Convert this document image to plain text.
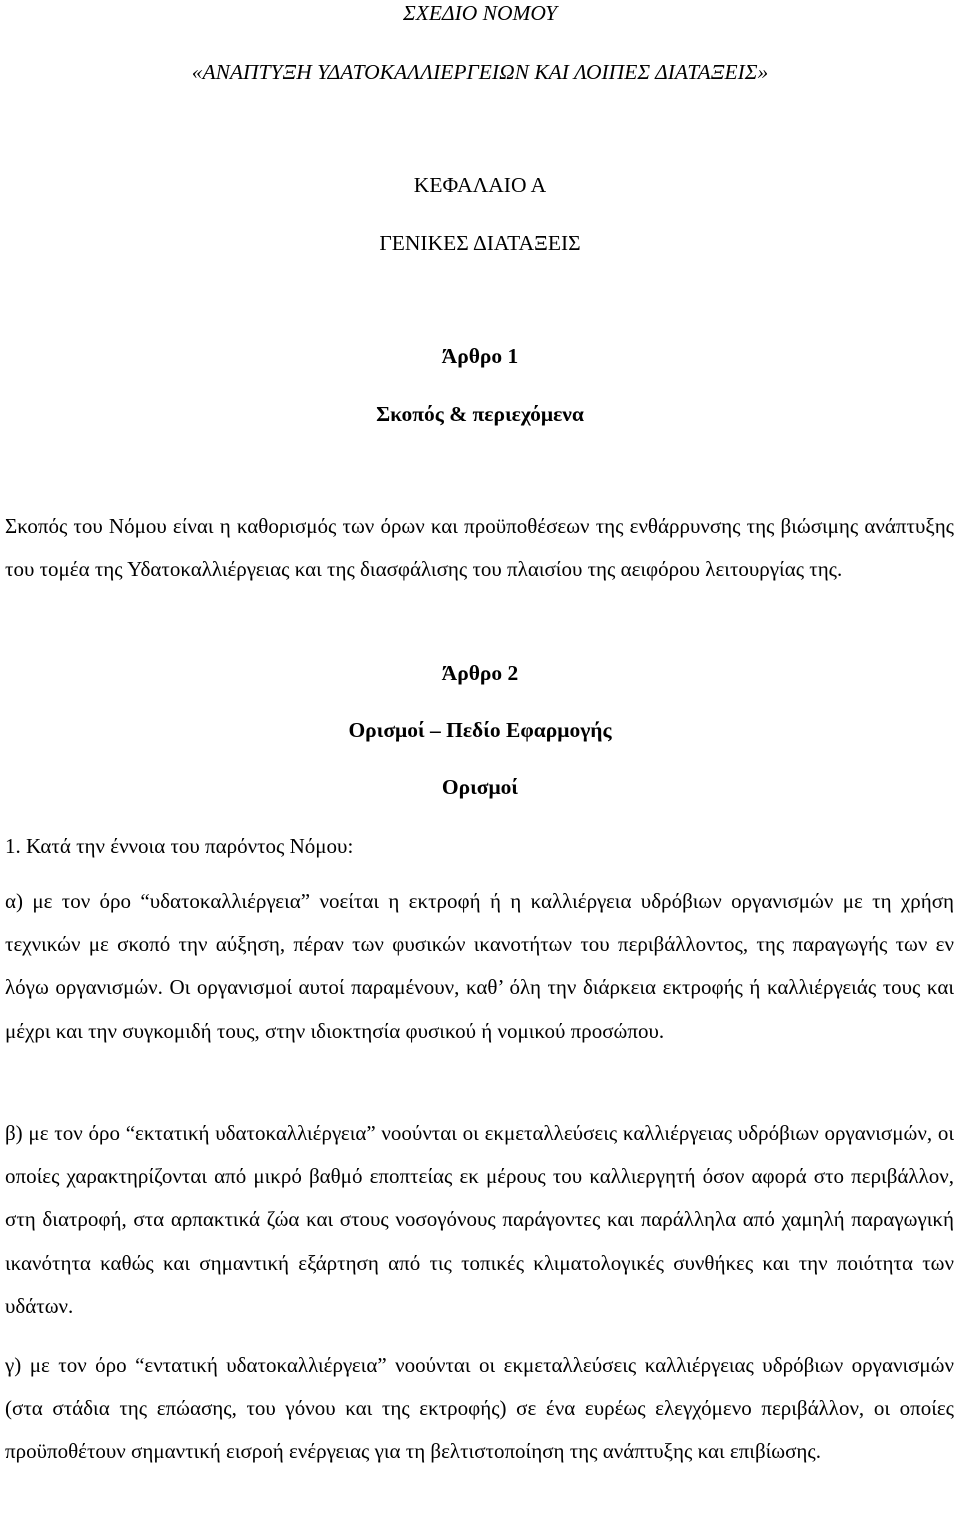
ΣΧΕΔΙΟ ΝΟΜΟΥ
«ΑΝΑΠΤΥΞΗ ΥΔΑΤΟΚΑΛΛΙΕΡΓΕΙΩΝ ΚΑΙ ΛΟΙΠΕΣ ΔΙΑΤΑΞΕΙΣ»
ΚΕΦΑΛΑΙΟ Α
ΓΕΝΙΚΕΣ ΔΙΑΤΑΞΕΙΣ
Άρθρο 1
Σκοπός & περιεχόμενα

Σκοπός του Νόμου είναι η καθορισμός των όρων και προϋποθέσεων της ενθάρρυνσης της βιώσιμης ανάπτυξης του τομέα της Υδατοκαλλιέργειας και της διασφάλισης του πλαισίου της αειφόρου λειτουργίας της.

Άρθρο 2
Ορισμοί – Πεδίο Εφαρμογής
Ορισμοί

1. Κατά την έννοια του παρόντος Νόμου:

α) με τον όρο “υδατοκαλλιέργεια” νοείται η εκτροφή ή η καλλιέργεια υδρόβιων οργανισμών με τη χρήση τεχνικών με σκοπό την αύξηση, πέραν των φυσικών ικανοτήτων του περιβάλλοντος, της παραγωγής των εν λόγω οργανισμών. Οι οργανισμοί αυτοί παραμένουν, καθ’ όλη την διάρκεια εκτροφής ή καλλιέργειάς τους και μέχρι και την συγκομιδή τους, στην ιδιοκτησία φυσικού ή νομικού προσώπου.

β) με τον όρο “εκτατική υδατοκαλλιέργεια” νοούνται οι εκμεταλλεύσεις καλλιέργειας υδρόβιων οργανισμών, οι οποίες χαρακτηρίζονται από μικρό βαθμό εποπτείας εκ μέρους του καλλιεργητή όσον αφορά στο περιβάλλον, στη διατροφή, στα αρπακτικά ζώα και στους νοσογόνους παράγοντες και παράλληλα από χαμηλή παραγωγική ικανότητα καθώς και σημαντική εξάρτηση από τις τοπικές κλιματολογικές συνθήκες και την ποιότητα των υδάτων.

γ) με τον όρο “εντατική υδατοκαλλιέργεια” νοούνται οι εκμεταλλεύσεις καλλιέργειας υδρόβιων οργανισμών (στα στάδια της επώασης, του γόνου και της εκτροφής) σε ένα ευρέως ελεγχόμενο περιβάλλον, οι οποίες προϋποθέτουν σημαντική εισροή ενέργειας για τη βελτιστοποίηση της ανάπτυξης και επιβίωσης.
